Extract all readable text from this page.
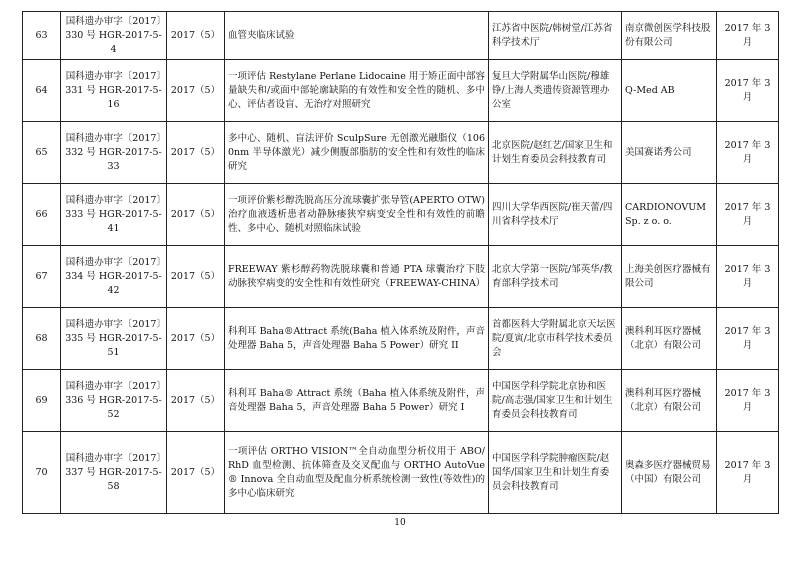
63	国科遗办审字〔2017〕330 号 HGR-2017-5-4	2017（5）	血管夹临床试验	江苏省中医院/韩树堂/江苏省科学技术厅	南京微创医学科技股份有限公司	2017 年 3 月
64	国科遗办审字〔2017〕331 号 HGR-2017-5-16	2017（5）	一项评估 Restylane Perlane Lidocaine 用于矫正面中部容量缺失和/或面中部轮廓缺陷的有效性和安全性的随机、多中心、评估者设盲、无治疗对照研究	复旦大学附属华山医院/穆雄铮/上海人类遗传资源管理办公室	Q-Med AB	2017 年 3 月
65	国科遗办审字〔2017〕332 号 HGR-2017-5-33	2017（5）	多中心、随机、盲法评价 SculpSure 无创激光融脂仪（1060nm 半导体激光）减少侧腹部脂肪的安全性和有效性的临床研究	北京医院/赵红艺/国家卫生和计划生育委员会科技教育司	美国赛诺秀公司	2017 年 3 月
66	国科遗办审字〔2017〕333 号 HGR-2017-5-41	2017（5）	一项评价紫杉醇洗脱高压分流球囊扩张导管(APERTO OTW)治疗血液透析患者动静脉瘘狭窄病变安全性和有效性的前瞻性、多中心、随机对照临床试验	四川大学华西医院/崔天蕾/四川省科学技术厅	CARDIONOVUM Sp. z o. o.	2017 年 3 月
67	国科遗办审字〔2017〕334 号 HGR-2017-5-42	2017（5）	FREEWAY 紫杉醇药物洗脱球囊和普通 PTA 球囊治疗下肢动脉狭窄病变的安全性和有效性研究（FREEWAY-CHINA）	北京大学第一医院/邹英华/教育部科学技术司	上海美创医疗器械有限公司	2017 年 3 月
68	国科遗办审字〔2017〕335 号 HGR-2017-5-51	2017（5）	科利耳 Baha®Attract 系统(Baha 植入体系统及附件，声音处理器 Baha 5，声音处理器 Baha 5 Power）研究 II	首都医科大学附属北京天坛医院/夏寅/北京市科学技术委员会	澳科利耳医疗器械（北京）有限公司	2017 年 3 月
69	国科遗办审字〔2017〕336 号 HGR-2017-5-52	2017（5）	科利耳 Baha® Attract 系统（Baha 植入体系统及附件，声音处理器 Baha 5，声音处理器 Baha 5 Power）研究 I	中国医学科学院北京协和医院/高志强/国家卫生和计划生育委员会科技教育司	澳科利耳医疗器械（北京）有限公司	2017 年 3 月
70	国科遗办审字〔2017〕337 号 HGR-2017-5-58	2017（5）	一项评估 ORTHO VISION™全自动血型分析仪用于 ABO/RhD 血型检测、抗体筛查及交叉配血与 ORTHO AutoVue® Innova 全自动血型及配血分析系统检测一致性(等效性)的多中心临床研究	中国医学科学院肿瘤医院/赵国华/国家卫生和计划生育委员会科技教育司	奥森多医疗器械贸易（中国）有限公司	2017 年 3 月
10
